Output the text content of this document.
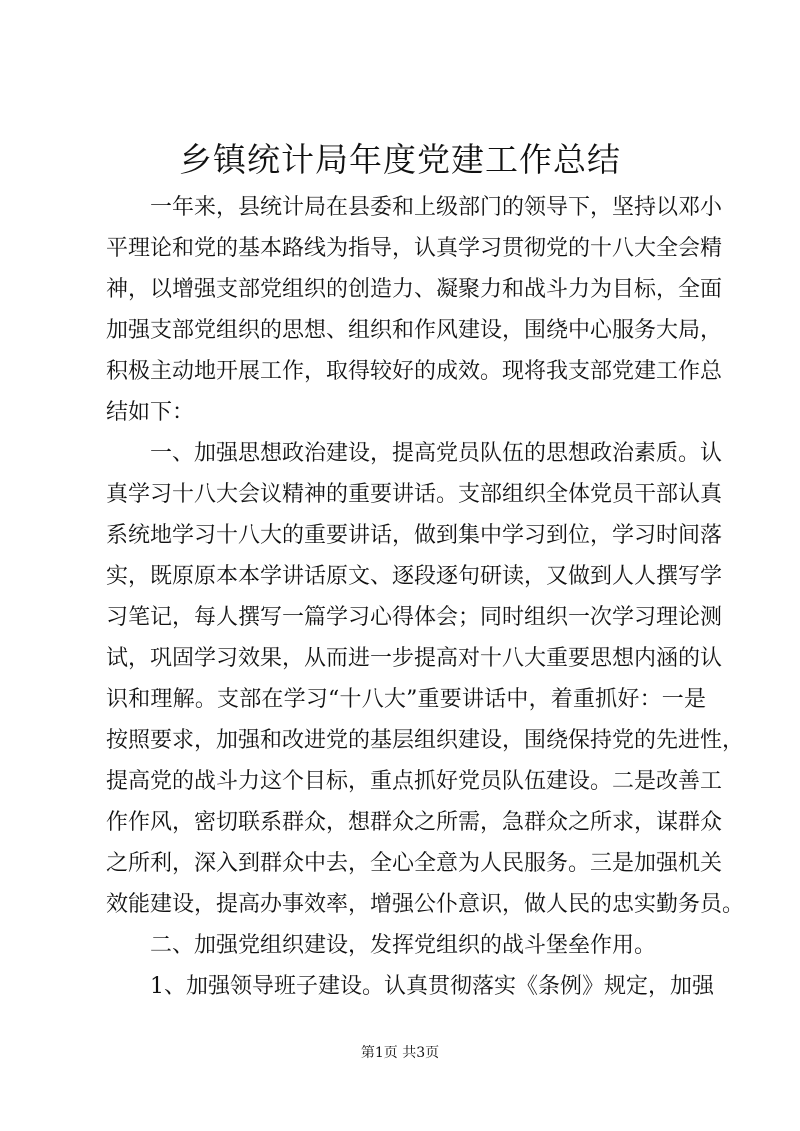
乡镇统计局年度党建工作总结
一年来，县统计局在县委和上级部门的领导下，坚持以邓小
平理论和党的基本路线为指导，认真学习贯彻党的十八大全会精
神，以增强支部党组织的创造力、凝聚力和战斗力为目标，全面
加强支部党组织的思想、组织和作风建设，围绕中心服务大局，
积极主动地开展工作，取得较好的成效。现将我支部党建工作总
结如下：
一、加强思想政治建设，提高党员队伍的思想政治素质。认
真学习十八大会议精神的重要讲话。支部组织全体党员干部认真
系统地学习十八大的重要讲话，做到集中学习到位，学习时间落
实，既原原本本学讲话原文、逐段逐句研读，又做到人人撰写学
习笔记，每人撰写一篇学习心得体会；同时组织一次学习理论测
试，巩固学习效果，从而进一步提高对十八大重要思想内涵的认
识和理解。支部在学习“十八大”重要讲话中，着重抓好：一是
按照要求，加强和改进党的基层组织建设，围绕保持党的先进性，
提高党的战斗力这个目标，重点抓好党员队伍建设。二是改善工
作作风，密切联系群众，想群众之所需，急群众之所求，谋群众
之所利，深入到群众中去，全心全意为人民服务。三是加强机关
效能建设，提高办事效率，增强公仆意识，做人民的忠实勤务员。
二、加强党组织建设，发挥党组织的战斗堡垒作用。
1、加强领导班子建设。认真贯彻落实《条例》规定，加强
第1页 共3页
